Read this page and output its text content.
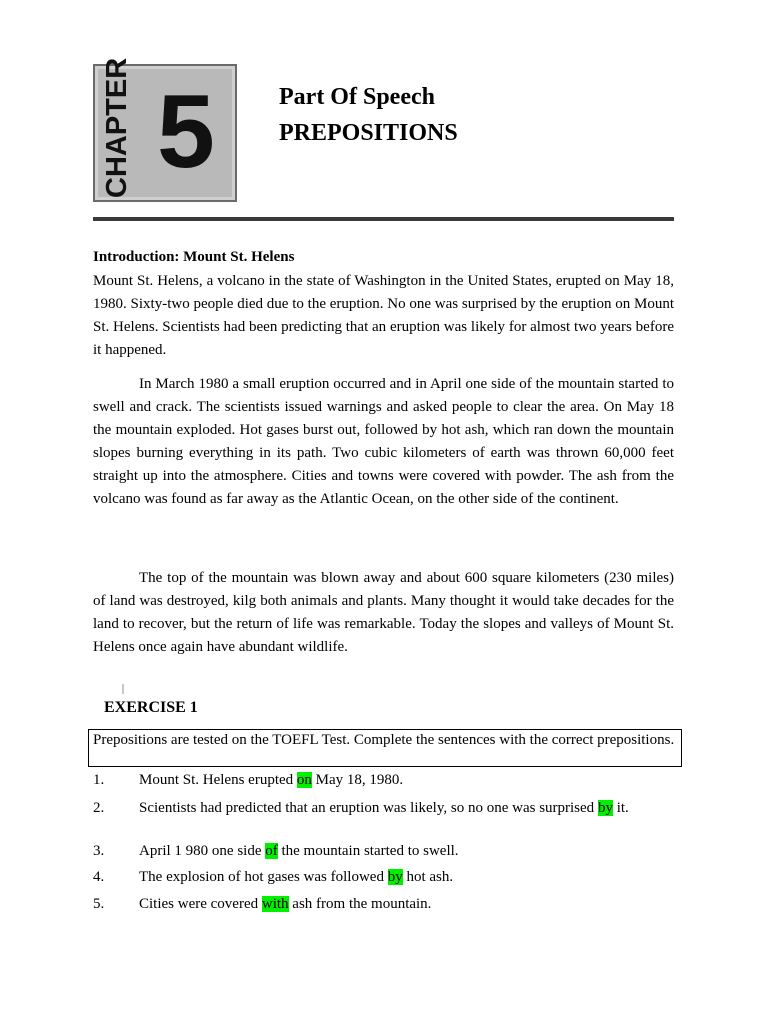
CHAPTER 5	Part Of Speech
PREPOSITIONS
Introduction: Mount St. Helens
Mount St. Helens, a volcano in the state of Washington in the United States, erupted on May 18, 1980. Sixty-two people died due to the eruption. No one was surprised by the eruption on Mount St. Helens. Scientists had been predicting that an eruption was likely for almost two years before it happened.
In March 1980 a small eruption occurred and in April one side of the mountain started to swell and crack. The scientists issued warnings and asked people to clear the area. On May 18 the mountain exploded. Hot gases burst out, followed by hot ash, which ran down the mountain slopes burning everything in its path. Two cubic kilometers of earth was thrown 60,000 feet straight up into the atmosphere. Cities and towns were covered with powder. The ash from the volcano was found as far away as the Atlantic Ocean, on the other side of the continent.
The top of the mountain was blown away and about 600 square kilometers (230 miles) of land was destroyed, kilg both animals and plants. Many thought it would take decades for the land to recover, but the return of life was remarkable. Today the slopes and valleys of Mount St. Helens once again have abundant wildlife.
EXERCISE 1
Prepositions are tested on the TOEFL Test. Complete the sentences with the correct prepositions.
1. Mount St. Helens erupted on May 18, 1980.
2. Scientists had predicted that an eruption was likely, so no one was surprised by it.
3. April 1 980 one side of the mountain started to swell.
4. The explosion of hot gases was followed by hot ash.
5. Cities were covered with ash from the mountain.
